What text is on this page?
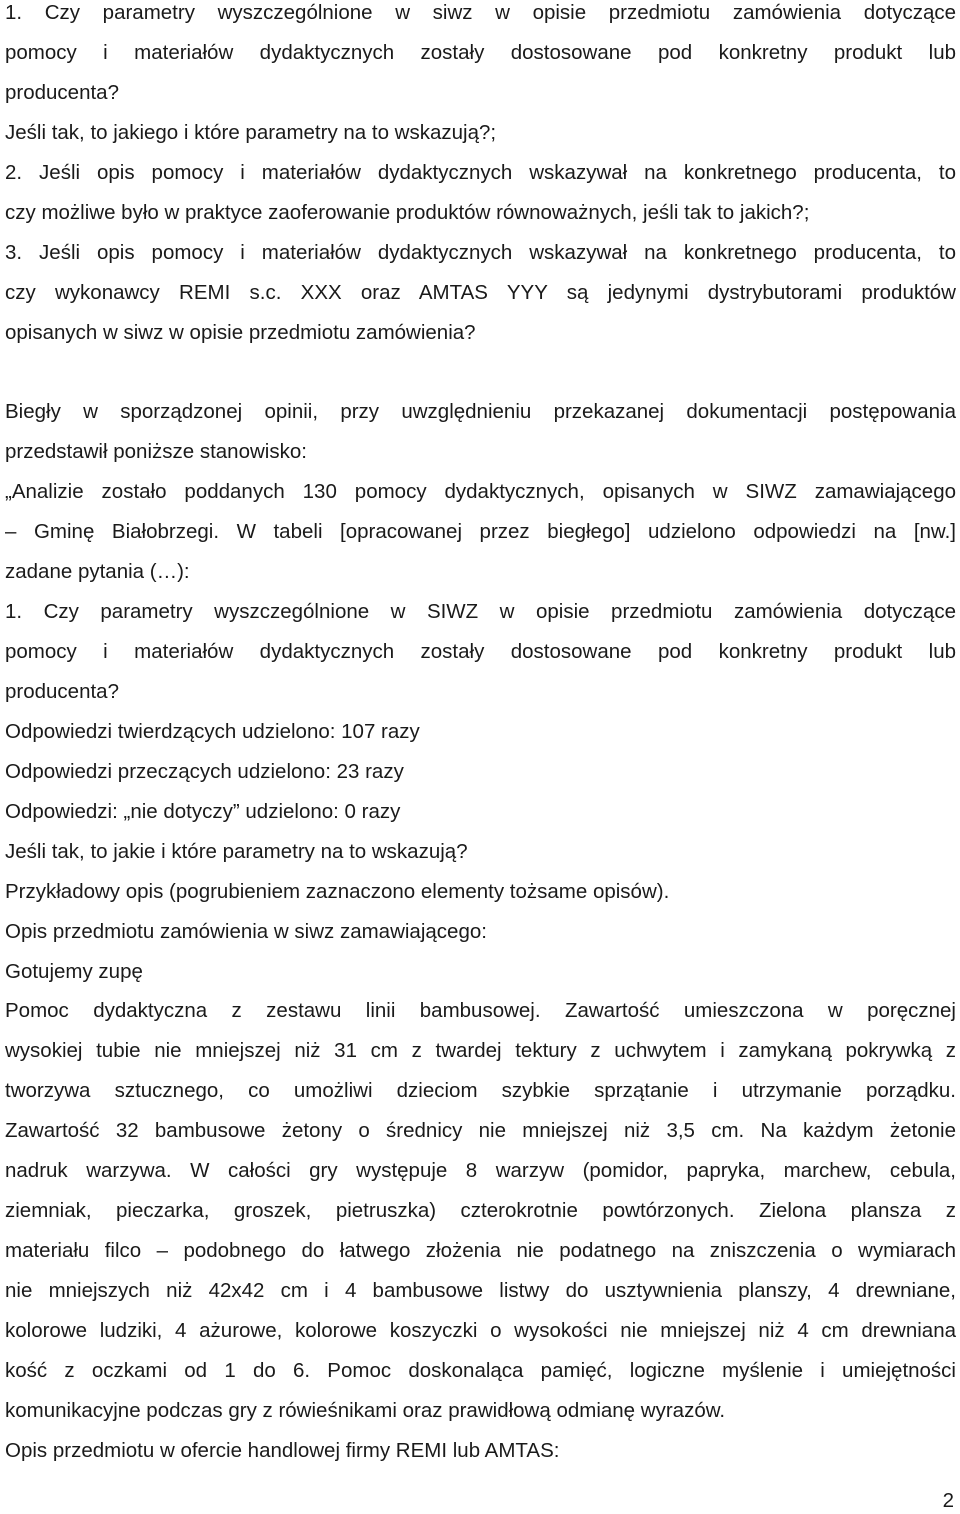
1. Czy parametry wyszczególnione w siwz w opisie przedmiotu zamówienia dotyczące
pomocy i materiałów dydaktycznych zostały dostosowane pod konkretny produkt lub
producenta?
Jeśli tak, to jakiego i które parametry na to wskazują?;
2. Jeśli opis pomocy i materiałów dydaktycznych wskazywał na konkretnego producenta, to
czy możliwe było w praktyce zaoferowanie produktów równoważnych, jeśli tak to jakich?;
3. Jeśli opis pomocy i materiałów dydaktycznych wskazywał na konkretnego producenta, to
czy wykonawcy REMI s.c. XXX oraz AMTAS YYY są jedynymi dystrybutorami produktów
opisanych w siwz w opisie przedmiotu zamówienia?
Biegły w sporządzonej opinii, przy uwzględnieniu przekazanej dokumentacji postępowania
przedstawił poniższe stanowisko:
„Analizie zostało poddanych 130 pomocy dydaktycznych, opisanych w SIWZ zamawiającego
– Gminę Białobrzegi. W tabeli [opracowanej przez biegłego] udzielono odpowiedzi na [nw.]
zadane pytania (…):
1. Czy parametry wyszczególnione w SIWZ w opisie przedmiotu zamówienia dotyczące
pomocy i materiałów dydaktycznych zostały dostosowane pod konkretny produkt lub
producenta?
Odpowiedzi twierdzących udzielono: 107 razy
Odpowiedzi przeczących udzielono: 23 razy
Odpowiedzi: „nie dotyczy” udzielono: 0 razy
Jeśli tak, to jakie i które parametry na to wskazują?
Przykładowy opis (pogrubieniem zaznaczono elementy tożsame opisów).
Opis przedmiotu zamówienia w siwz zamawiającego:
Gotujemy zupę
Pomoc dydaktyczna z zestawu linii bambusowej. Zawartość umieszczona w poręcznej
wysokiej tubie nie mniejszej niż 31 cm z twardej tektury z uchwytem i zamykaną pokrywką z
tworzywa sztucznego, co umożliwi dzieciom szybkie sprzątanie i utrzymanie porządku.
Zawartość 32 bambusowe żetony o średnicy nie mniejszej niż 3,5 cm. Na każdym żetonie
nadruk warzywa. W całości gry występuje 8 warzyw (pomidor, papryka, marchew, cebula,
ziemniak, pieczarka, groszek, pietruszka) czterokrotnie powtórzonych. Zielona plansza z
materiału filco – podobnego do łatwego złożenia nie podatnego na zniszczenia o wymiarach
nie mniejszych niż 42x42 cm i 4 bambusowe listwy do usztywnienia planszy, 4 drewniane,
kolorowe ludziki, 4 ażurowe, kolorowe koszyczki o wysokości nie mniejszej niż 4 cm drewniana
kość z oczkami od 1 do 6. Pomoc doskonaląca pamięć, logiczne myślenie i umiejętności
komunikacyjne podczas gry z rówieśnikami oraz prawidłową odmianę wyrazów.
Opis przedmiotu w ofercie handlowej firmy REMI lub AMTAS:
2
